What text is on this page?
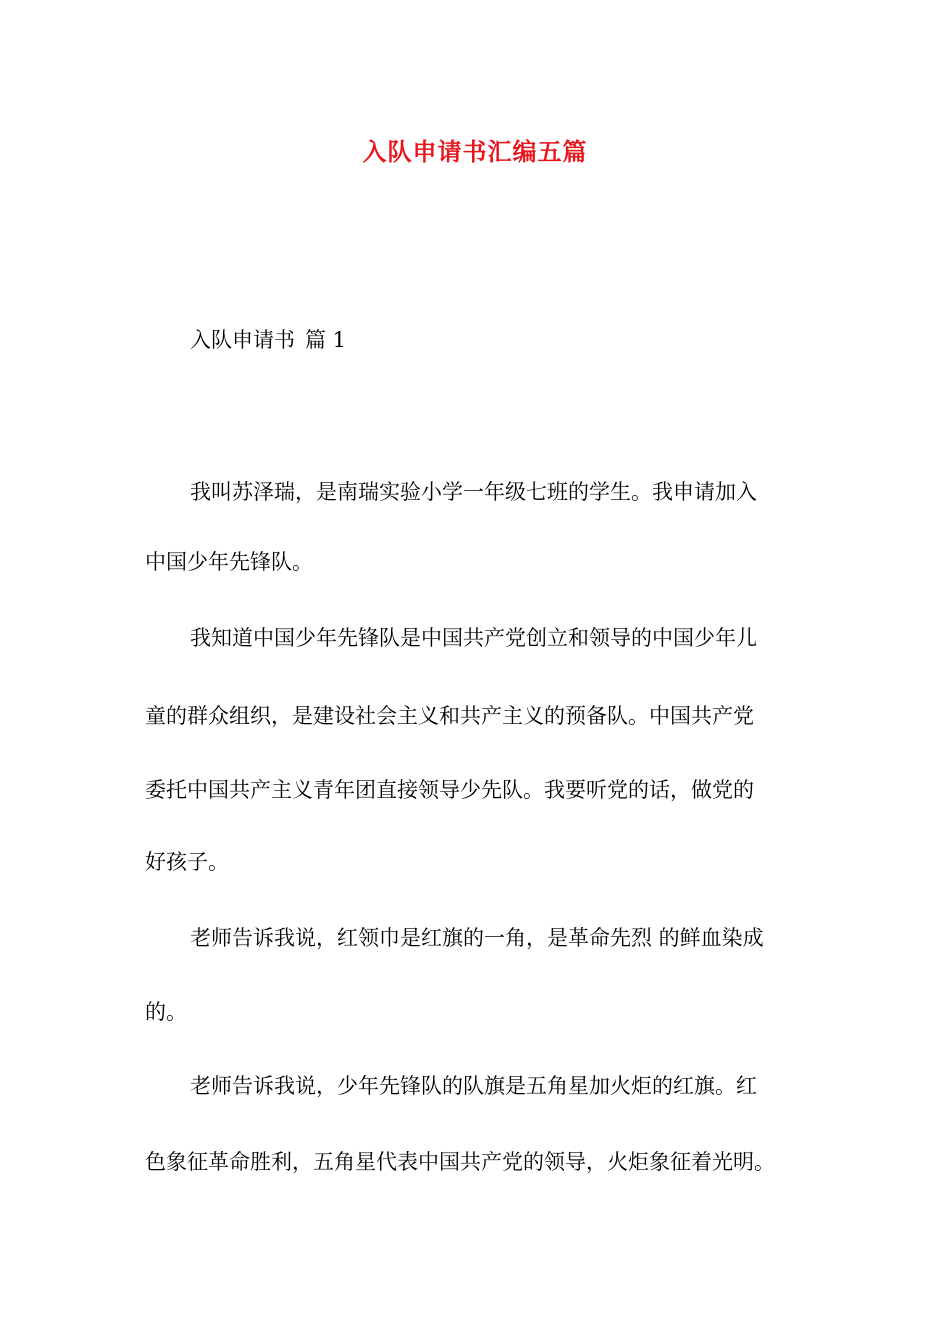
入队申请书汇编五篇
入队申请书 篇 1
我叫苏泽瑞，是南瑞实验小学一年级七班的学生。我申请加入
中国少年先锋队。
我知道中国少年先锋队是中国共产党创立和领导的中国少年儿
童的群众组织，是建设社会主义和共产主义的预备队。中国共产党
委托中国共产主义青年团直接领导少先队。我要听党的话，做党的
好孩子。
老师告诉我说，红领巾是红旗的一角，是革命先烈 的鲜血染成
的。
老师告诉我说，少年先锋队的队旗是五角星加火炬的红旗。红
色象征革命胜利，五角星代表中国共产党的领导，火炬象征着光明。
